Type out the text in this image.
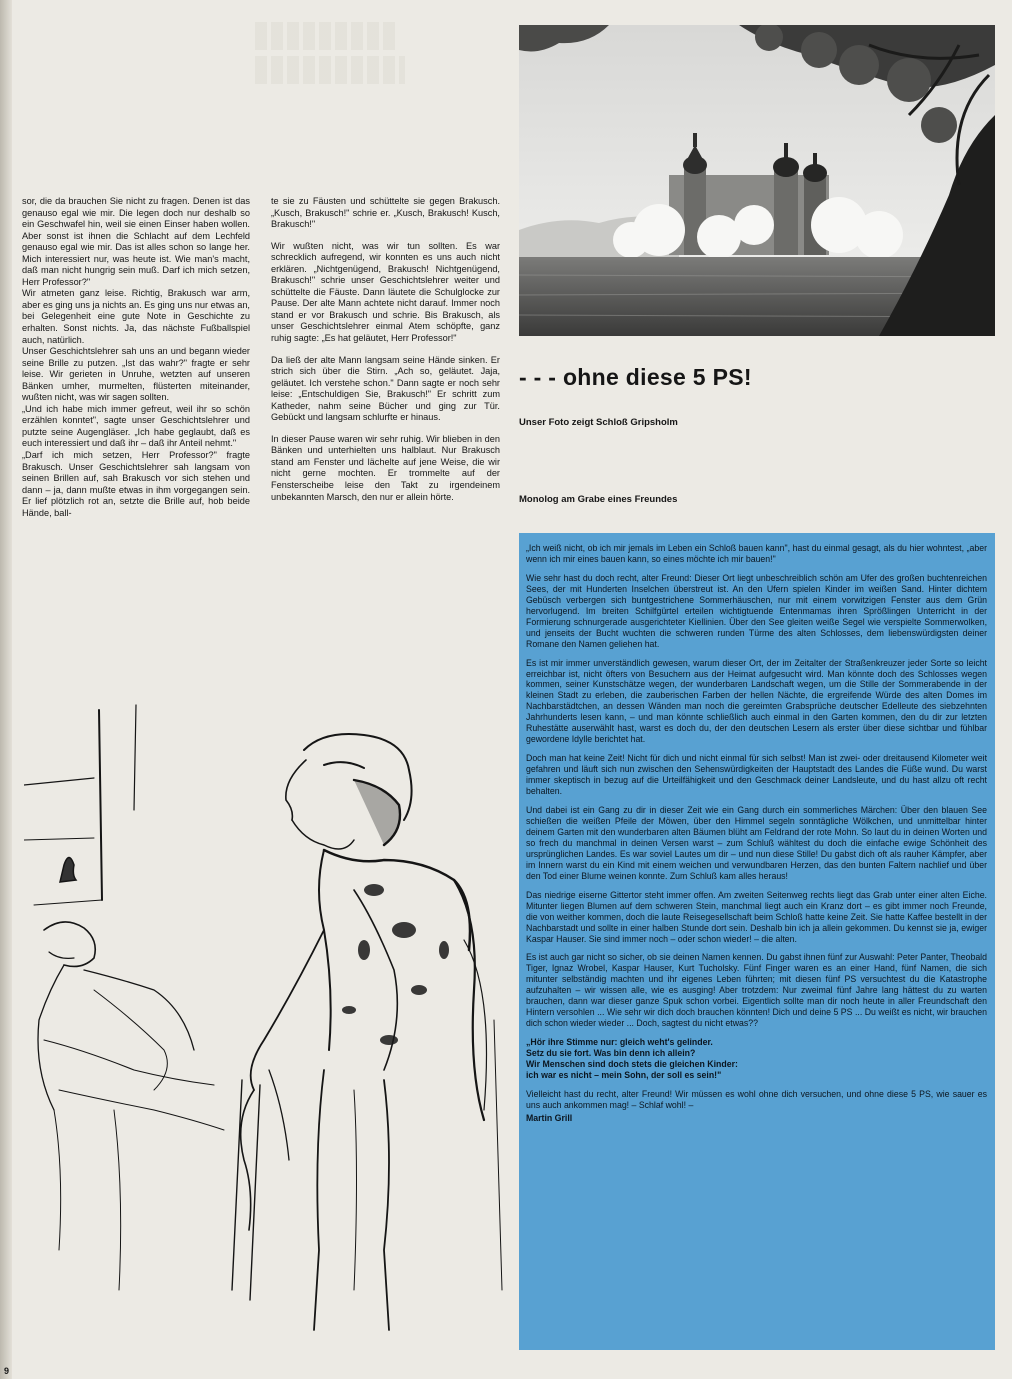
sor, die da brauchen Sie nicht zu fragen. Denen ist das genauso egal wie mir. Die legen doch nur deshalb so ein Geschwafel hin, weil sie einen Einser haben wollen. Aber sonst ist ihnen die Schlacht auf dem Lechfeld genauso egal wie mir. Das ist alles schon so lange her. Mich interessiert nur, was heute ist. Wie man's macht, daß man nicht hungrig sein muß. Darf ich mich setzen, Herr Professor?"

Wir atmeten ganz leise. Richtig, Brakusch war arm, aber es ging uns ja nichts an. Es ging uns nur etwas an, bei Gelegenheit eine gute Note in Geschichte zu erhalten. Sonst nichts. Ja, das nächste Fußballspiel auch, natürlich.

Unser Geschichtslehrer sah uns an und begann wieder seine Brille zu putzen. „Ist das wahr?" fragte er sehr leise. Wir gerieten in Unruhe, wetzten auf unseren Bänken umher, murmelten, flüsterten miteinander, wußten nicht, was wir sagen sollten.

„Und ich habe mich immer gefreut, weil ihr so schön erzählen konntet", sagte unser Geschichtslehrer und putzte seine Augengläser. „Ich habe geglaubt, daß es euch interessiert und daß ihr – daß ihr Anteil nehmt."

„Darf ich mich setzen, Herr Professor?" fragte Brakusch. Unser Geschichtslehrer sah langsam von seinen Brillen auf, sah Brakusch vor sich stehen und dann – ja, dann mußte etwas in ihm vorgegangen sein. Er lief plötzlich rot an, setzte die Brille auf, hob beide Hände, ball-

te sie zu Fäusten und schüttelte sie gegen Brakusch. „Kusch, Brakusch!" schrie er. „Kusch, Brakusch! Kusch, Brakusch!"

Wir wußten nicht, was wir tun sollten. Es war schrecklich aufregend, wir konnten es uns auch nicht erklären. „Nichtgenügend, Brakusch! Nichtgenügend, Brakusch!" schrie unser Geschichtslehrer weiter und schüttelte die Fäuste. Dann läutete die Schulglocke zur Pause. Der alte Mann achtete nicht darauf. Immer noch stand er vor Brakusch und schrie. Bis Brakusch, als unser Geschichtslehrer einmal Atem schöpfte, ganz ruhig sagte: „Es hat geläutet, Herr Professor!"

Da ließ der alte Mann langsam seine Hände sinken. Er strich sich über die Stirn. „Ach so, geläutet. Jaja, geläutet. Ich verstehe schon." Dann sagte er noch sehr leise: „Entschuldigen Sie, Brakusch!" Er schritt zum Katheder, nahm seine Bücher und ging zur Tür. Gebückt und langsam schlurfte er hinaus.

In dieser Pause waren wir sehr ruhig. Wir blieben in den Bänken und unterhielten uns halblaut. Nur Brakusch stand am Fenster und lächelte auf jene Weise, die wir nicht gerne mochten. Er trommelte auf der Fensterscheibe leise den Takt zu irgendeinem unbekannten Marsch, den nur er allein hörte.

- - - ohne diese 5 PS!
Unser Foto zeigt Schloß Gripsholm
Monolog am Grabe eines Freundes

„Ich weiß nicht, ob ich mir jemals im Leben ein Schloß bauen kann", hast du einmal gesagt, als du hier wohntest, „aber wenn ich mir eines bauen kann, so eines möchte ich mir bauen!"

Wie sehr hast du doch recht, alter Freund: Dieser Ort liegt unbeschreiblich schön am Ufer des großen buchtenreichen Sees, der mit Hunderten Inselchen überstreut ist. An den Ufern spielen Kinder im weißen Sand. Hinter dichtem Gebüsch verbergen sich buntgestrichene Sommerhäuschen, nur mit einem vorwitzigen Fenster aus dem Grün hervorlugend. Im breiten Schilfgürtel erteilen wichtigtuende Entenmamas ihren Sprößlingen Unterricht in der Formierung schnurgerade ausgerichteter Kiellinien. Über den See gleiten weiße Segel wie verspielte Sommerwolken, und jenseits der Bucht wuchten die schweren runden Türme des alten Schlosses, dem liebenswürdigsten deiner Romane den Namen geliehen hat.

Es ist mir immer unverständlich gewesen, warum dieser Ort, der im Zeitalter der Straßenkreuzer jeder Sorte so leicht erreichbar ist, nicht öfters von Besuchern aus der Heimat aufgesucht wird. Man könnte doch des Schlosses wegen kommen, seiner Kunstschätze wegen, der wunderbaren Landschaft wegen, um die Stille der Sommerabende in der kleinen Stadt zu erleben, die zauberischen Farben der hellen Nächte, die ergreifende Würde des alten Domes im Nachbarstädtchen, an dessen Wänden man noch die gereimten Grabsprüche deutscher Edelleute des siebzehnten Jahrhunderts lesen kann, – und man könnte schließlich auch einmal in den Garten kommen, den du dir zur letzten Ruhestätte auserwählt hast, warst es doch du, der den deutschen Lesern als erster über diese sichtbar und fühlbar gewordene Idylle berichtet hat.

Doch man hat keine Zeit! Nicht für dich und nicht einmal für sich selbst! Man ist zwei- oder dreitausend Kilometer weit gefahren und läuft sich nun zwischen den Sehenswürdigkeiten der Hauptstadt des Landes die Füße wund. Du warst immer skeptisch in bezug auf die Urteilfähigkeit und den Geschmack deiner Landsleute, und du hast allzu oft recht behalten.

Und dabei ist ein Gang zu dir in dieser Zeit wie ein Gang durch ein sommerliches Märchen: Über den blauen See schießen die weißen Pfeile der Möwen, über den Himmel segeln sonntägliche Wölkchen, und unmittelbar hinter deinem Garten mit den wunderbaren alten Bäumen blüht am Feldrand der rote Mohn. So laut du in deinen Worten und so frech du manchmal in deinen Versen warst – zum Schluß wähltest du doch die einfache ewige Schönheit des ursprünglichen Landes. Es war soviel Lautes um dir – und nun diese Stille! Du gabst dich oft als rauher Kämpfer, aber im Innern warst du ein Kind mit einem weichen und verwundbaren Herzen, das den bunten Faltern nachlief und über den Tod einer Blume weinen konnte. Zum Schluß kam alles heraus!

Das niedrige eiserne Gittertor steht immer offen. Am zweiten Seitenweg rechts liegt das Grab unter einer alten Eiche. Mitunter liegen Blumen auf dem schweren Stein, manchmal liegt auch ein Kranz dort – es gibt immer noch Freunde, die von weither kommen, doch die laute Reisegesellschaft beim Schloß hatte keine Zeit. Sie hatte Kaffee bestellt in der Nachbarstadt und sollte in einer halben Stunde dort sein. Deshalb bin ich ja allein gekommen. Du kennst sie ja, ewiger Kaspar Hauser. Sie sind immer noch – oder schon wieder! – die alten.

Es ist auch gar nicht so sicher, ob sie deinen Namen kennen. Du gabst ihnen fünf zur Auswahl: Peter Panter, Theobald Tiger, Ignaz Wrobel, Kaspar Hauser, Kurt Tucholsky. Fünf Finger waren es an einer Hand, fünf Namen, die sich mitunter selbständig machten und ihr eigenes Leben führten; mit diesen fünf PS versuchtest du die Katastrophe aufzuhalten – wir wissen alle, wie es ausging! Aber trotzdem: Nur zweimal fünf Jahre lang hättest du zu warten brauchen, dann war dieser ganze Spuk schon vorbei. Eigentlich sollte man dir noch heute in aller Freundschaft den Hintern versohlen ... Wie sehr wir dich doch brauchen könnten! Dich und deine 5 PS ... Du weißt es nicht, wir brauchen dich schon wieder wieder ... Doch, sagtest du nicht etwas??

„Hör ihre Stimme nur: gleich weht's gelinder.
Setz du sie fort. Was bin denn ich allein?
Wir Menschen sind doch stets die gleichen Kinder:
ich war es nicht – mein Sohn, der soll es sein!"

Vielleicht hast du recht, alter Freund! Wir müssen es wohl ohne dich versuchen, und ohne diese 5 PS, wie sauer es uns auch ankommen mag! – Schlaf wohl! –

Martin Grill

9
